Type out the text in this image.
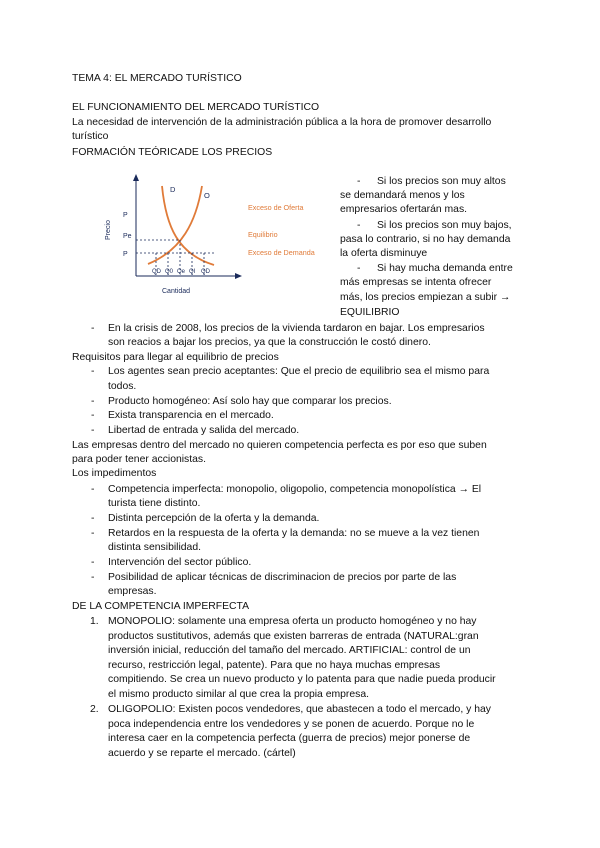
TEMA 4: EL MERCADO TURÍSTICO
EL FUNCIONAMIENTO DEL MERCADO TURÍSTICO
La necesidad de intervención de la administración pública a la hora de promover desarrollo
turístico
FORMACIÓN TEÓRICADE LOS PRECIOS
D
O
P
Pe
P
Precio
QD Q0 Qe QI QD
Cantidad
Exceso de Oferta
Equilibrio
Exceso de Demanda
- Si los precios son muy altos
se demandará menos y los
empresarios ofertarán mas.
- Si los precios son muy bajos,
pasa lo contrario, si no hay demanda
la oferta disminuye
- Si hay mucha demanda entre
más empresas se intenta ofrecer
más, los precios empiezan a subir →
EQUILIBRIO
- En la crisis de 2008, los precios de la vivienda tardaron en bajar. Los empresarios
son reacios a bajar los precios, ya que la construcción le costó dinero.
Requisitos para llegar al equilibrio de precios
- Los agentes sean precio aceptantes: Que el precio de equilibrio sea el mismo para
todos.
- Producto homogéneo: Así solo hay que comparar los precios.
- Exista transparencia en el mercado.
- Libertad de entrada y salida del mercado.
Las empresas dentro del mercado no quieren competencia perfecta es por eso que suben
para poder tener accionistas.
Los impedimentos
- Competencia imperfecta: monopolio, oligopolio, competencia monopolística → El
turista tiene distinto.
- Distinta percepción de la oferta y la demanda.
- Retardos en la respuesta de la oferta y la demanda: no se mueve a la vez tienen
distinta sensibilidad.
- Intervención del sector público.
- Posibilidad de aplicar técnicas de discriminacion de precios por parte de las
empresas.
DE LA COMPETENCIA IMPERFECTA
1. MONOPOLIO: solamente una empresa oferta un producto homogéneo y no hay
productos sustitutivos, además que existen barreras de entrada (NATURAL:gran
inversión inicial, reducción del tamaño del mercado. ARTIFICIAL: control de un
recurso, restricción legal, patente). Para que no haya muchas empresas
compitiendo. Se crea un nuevo producto y lo patenta para que nadie pueda producir
el mismo producto similar al que crea la propia empresa.
2. OLIGOPOLIO: Existen pocos vendedores, que abastecen a todo el mercado, y hay
poca independencia entre los vendedores y se ponen de acuerdo. Porque no le
interesa caer en la competencia perfecta (guerra de precios) mejor ponerse de
acuerdo y se reparte el mercado. (cártel)
